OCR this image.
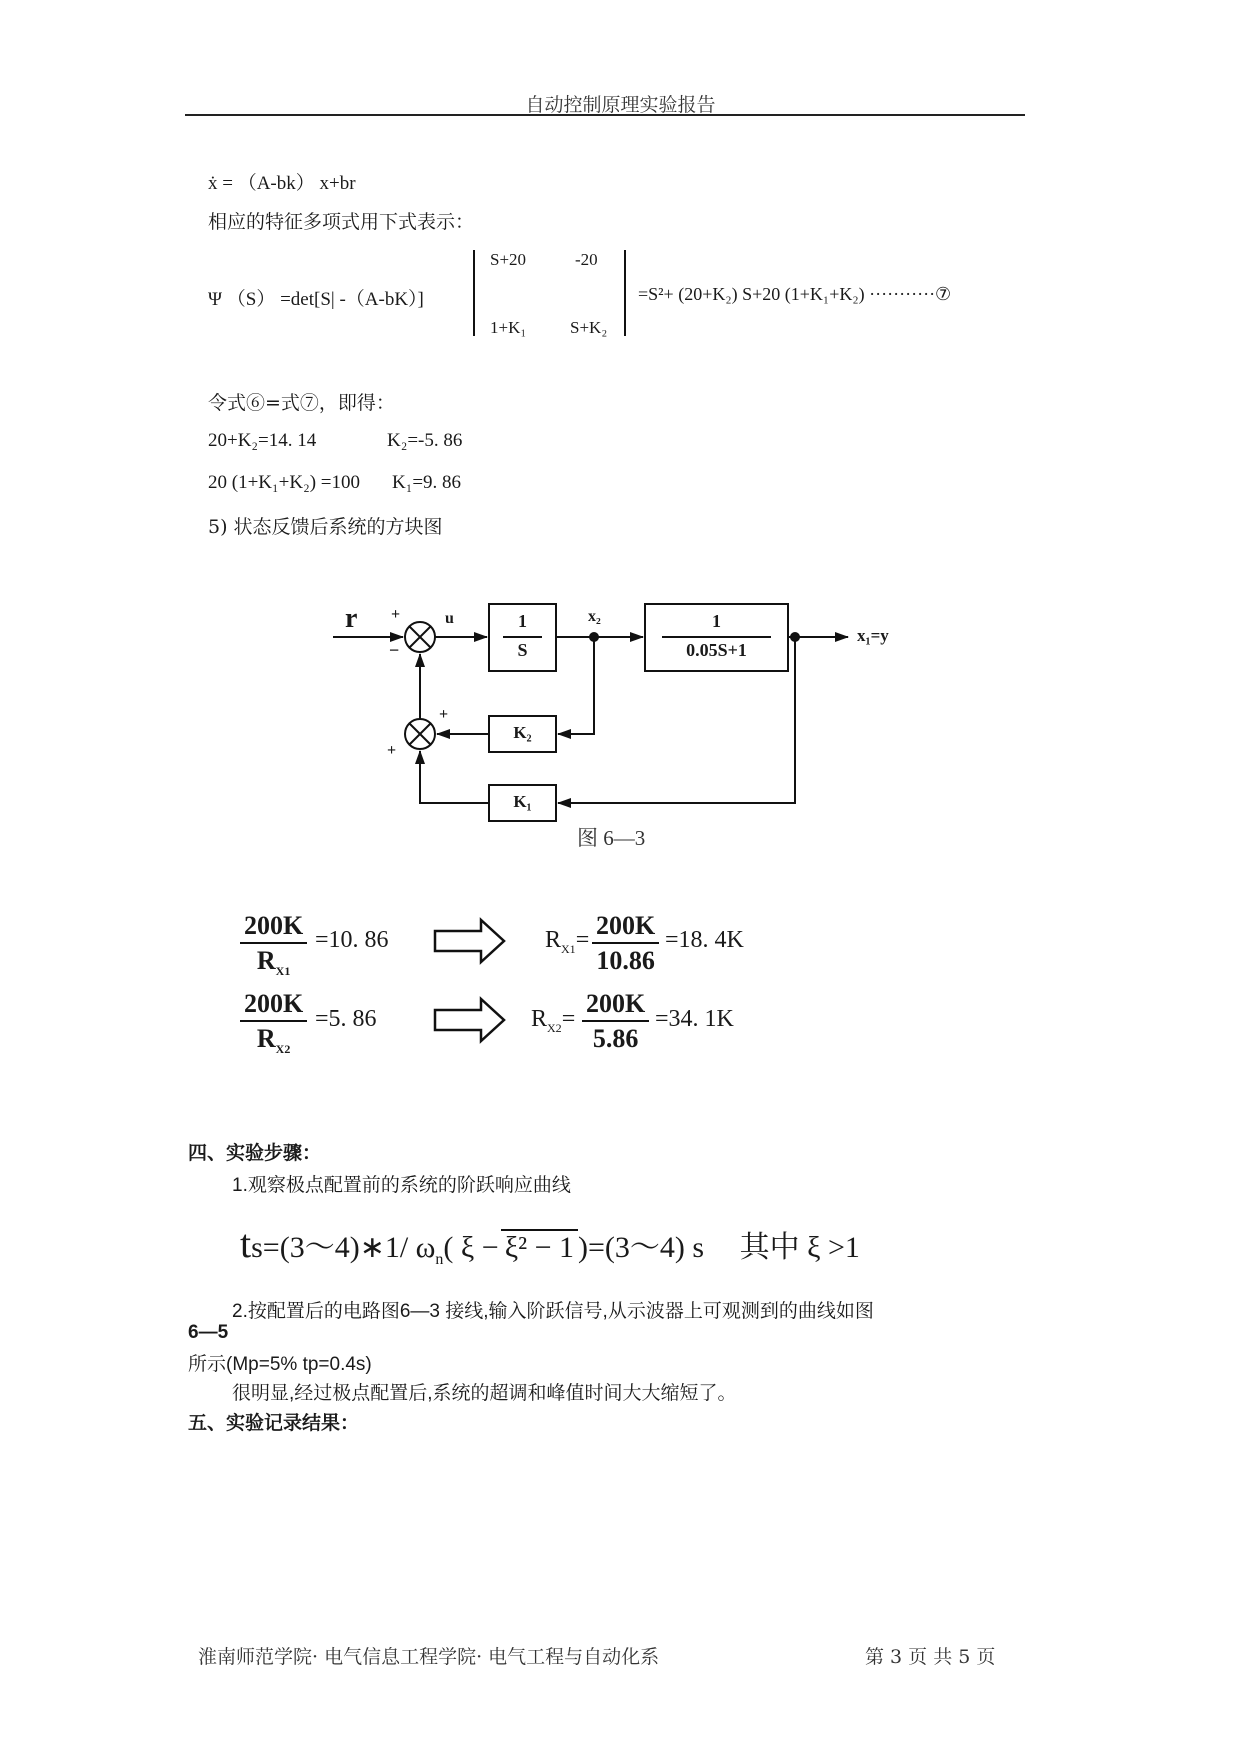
自动控制原理实验报告
ẋ = （A-bk） x+br
相应的特征多项式用下式表示：
Ψ （S） =det[S| -（A-bK）]
S+20	-20
1+K₁	S+K₂
=S²+ (20+K₂) S+20 (1+K₁+K₂) ···········⑦
令式⑥=式⑦，即得：
20+K₂=14. 14	K₂=-5. 86
20 (1+K₁+K₂) =100 K₁=9. 86
5) 状态反馈后系统的方块图
r +
−
u	1
S
x₂	1
0.05S+1
x₁=y
K₂
K₁
+
+
图 6—3
200K
$R_{X1}$
=10. 86	$R_{X1}= 200K$
10.86
=18. 4K
200K
$R_{X2}$
=5. 86	$R_{X2}=$
200K
5.86
=34. 1K
四、实验步骤：
1.观察极点配置前的系统的阶跃响应曲线
ts=(3～4)∗1/ $\omega_n$( ξ − ξ² − 1 )=(3～4) s 其中 ξ >1
2.按配置后的电路图6—3 接线,输入阶跃信号,从示波器上可观测到的曲线如图
6—5
所示(Mp=5% tp=0.4s)
很明显,经过极点配置后,系统的超调和峰值时间大大缩短了。
五、实验记录结果：
淮南师范学院· 电气信息工程学院· 电气工程与自动化系	第 3 页 共 5 页
